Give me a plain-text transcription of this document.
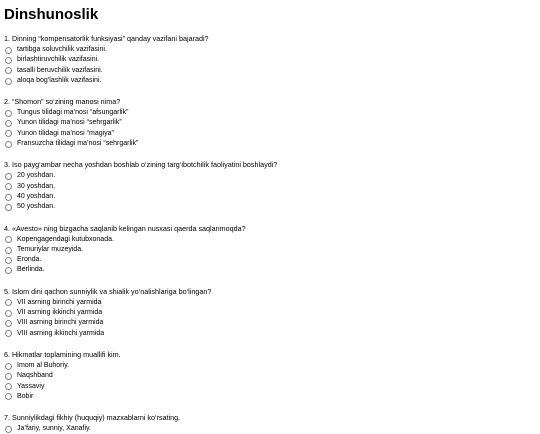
Dinshunoslik
1. Dinning “kompensatorlik funksiyasi” qanday vazifani bajaradi?
tartibga soluvchilik vazifasini.
birlashtiruvchilik vazifasini.
tasalli beruvchilik vazifasini.
aloqa bog‘lashlik vazifasini.
2. “Shomon” so‘zining manosi nima?
Tungus tilidagi ma’nosi “afsungarlik”
Yunon tilidagi ma’nosi “sehrgarlik”
Yunon tilidagi ma’nosi “magiya”
Fransuzcha tilidagi ma’nosi “sehrgarlik”
3. Iso payg‘ambar necha yoshdan boshlab o‘zining targ‘ibotchilik faoliyatini boshlaydi?
20 yoshdan.
30 yoshdan.
40 yoshdan.
50 yoshdan.
4. «Avesto» ning bizgacha saqlanib kelingan nusxasi qaerda saqlanmoqda?
Kopengagendagi kutubxonada.
Temuriylar muzeyida.
Eronda.
Berlinda.
5. Islom dini qachon sunniylik va shialik yo‘nalishlariga bo‘lingan?
VII asrning birinchi yarmida
VII asrning ikkinchi yarmida
VIII asrning birinchi yarmida
VIII asrning ikkinchi yarmida
6. Hikmatlar toplamining muallifi kim.
Imom al Buhoriy.
Naqshband
Yassaviy
Bobir
7. Sunniylikdagi fikhiy (huquqiy) mazxablarni ko‘rsating.
Ja’fariy, sunniy, Xanafiy.
